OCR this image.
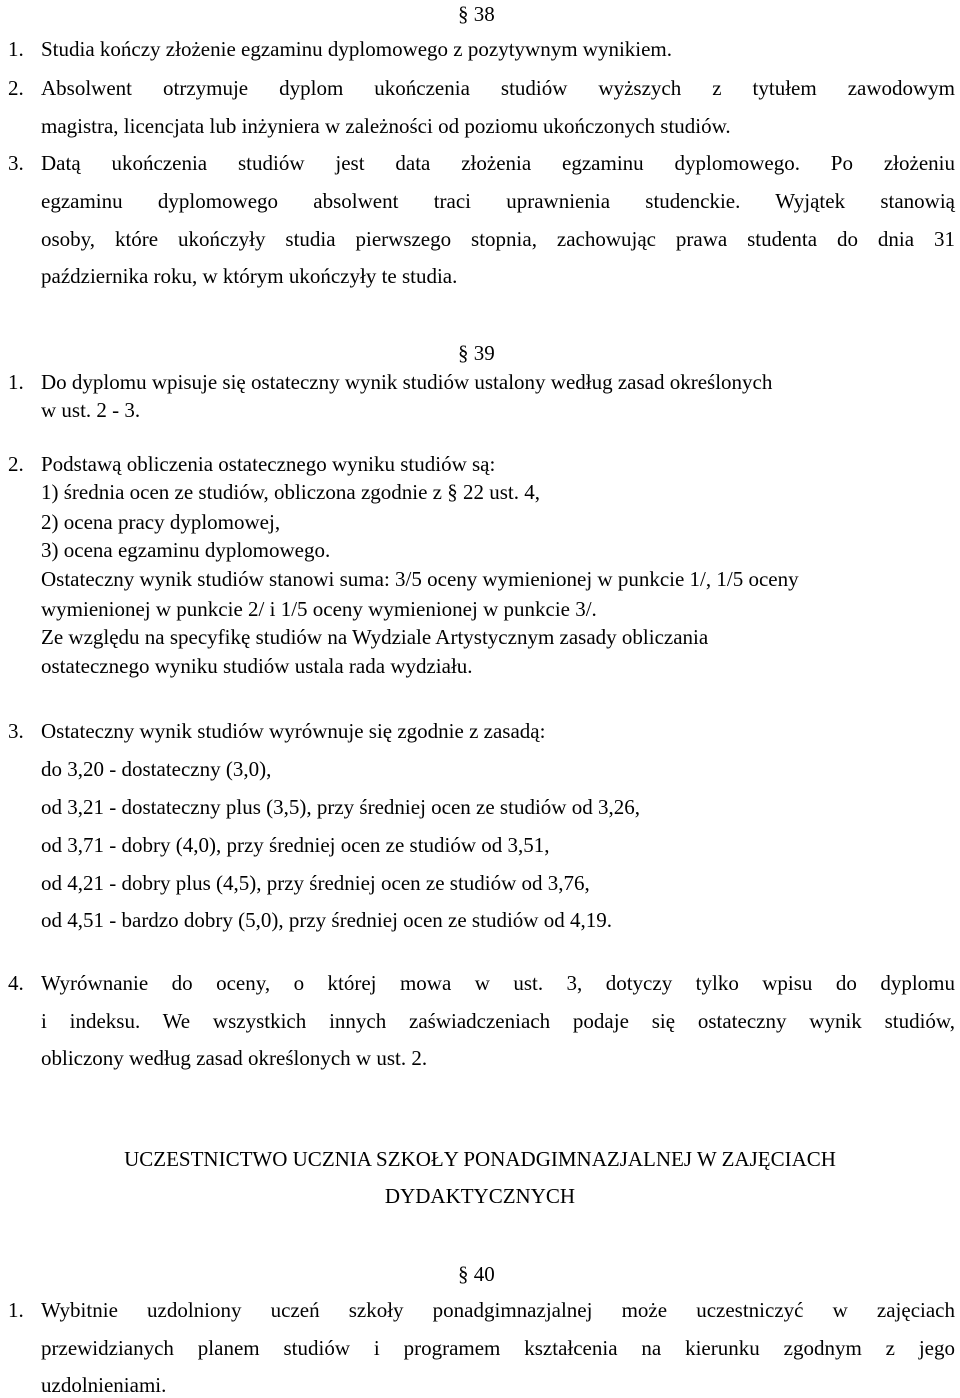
§ 38
1. Studia kończy złożenie egzaminu dyplomowego z pozytywnym wynikiem.
2. Absolwent otrzymuje dyplom ukończenia studiów wyższych z tytułem zawodowym
magistra, licencjata lub inżyniera w zależności od poziomu ukończonych studiów.
3. Datą ukończenia studiów jest data złożenia egzaminu dyplomowego. Po złożeniu
egzaminu dyplomowego absolwent traci uprawnienia studenckie. Wyjątek stanowią
osoby, które ukończyły studia pierwszego stopnia, zachowując prawa studenta do dnia 31
października roku, w którym ukończyły te studia.
§ 39
1. Do dyplomu wpisuje się ostateczny wynik studiów ustalony według zasad określonych
w ust. 2 - 3.
2. Podstawą obliczenia ostatecznego wyniku studiów są:
1) średnia ocen ze studiów, obliczona zgodnie z § 22 ust. 4,
2) ocena pracy dyplomowej,
3) ocena egzaminu dyplomowego.
Ostateczny wynik studiów stanowi suma: 3/5 oceny wymienionej w punkcie 1/, 1/5 oceny
wymienionej w punkcie 2/ i 1/5 oceny wymienionej w punkcie 3/.
Ze względu na specyfikę studiów na Wydziale Artystycznym zasady obliczania
ostatecznego wyniku studiów ustala rada wydziału.
3. Ostateczny wynik studiów wyrównuje się zgodnie z zasadą:
do 3,20 - dostateczny (3,0),
od 3,21 - dostateczny plus (3,5), przy średniej ocen ze studiów od 3,26,
od 3,71 - dobry (4,0), przy średniej ocen ze studiów od 3,51,
od 4,21 - dobry plus (4,5), przy średniej ocen ze studiów od 3,76,
od 4,51 - bardzo dobry (5,0), przy średniej ocen ze studiów od 4,19.
4. Wyrównanie do oceny, o której mowa w ust. 3, dotyczy tylko wpisu do dyplomu
i indeksu. We wszystkich innych zaświadczeniach podaje się ostateczny wynik studiów,
obliczony według zasad określonych w ust. 2.
UCZESTNICTWO UCZNIA SZKOŁY PONADGIMNAZJALNEJ W ZAJĘCIACH
DYDAKTYCZNYCH
§ 40
1. Wybitnie uzdolniony uczeń szkoły ponadgimnazjalnej może uczestniczyć w zajęciach
przewidzianych planem studiów i programem kształcenia na kierunku zgodnym z jego
uzdolnieniami.
